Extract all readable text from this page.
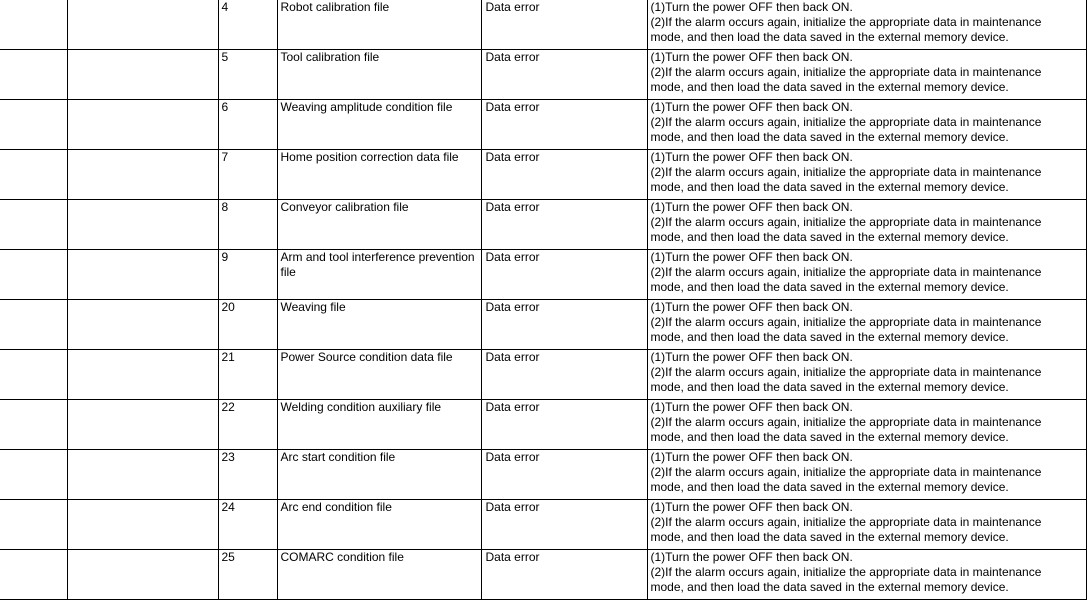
		4	Robot calibration file	Data error	(1)Turn the power OFF then back ON.
(2)If the alarm occurs again, initialize the appropriate data in maintenance
mode, and then load the data saved in the external memory device.

		5	Tool calibration file	Data error	(1)Turn the power OFF then back ON.
(2)If the alarm occurs again, initialize the appropriate data in maintenance
mode, and then load the data saved in the external memory device.

		6	Weaving amplitude condition file	Data error	(1)Turn the power OFF then back ON.
(2)If the alarm occurs again, initialize the appropriate data in maintenance
mode, and then load the data saved in the external memory device.

		7	Home position correction data file	Data error	(1)Turn the power OFF then back ON.
(2)If the alarm occurs again, initialize the appropriate data in maintenance
mode, and then load the data saved in the external memory device.

		8	Conveyor calibration file	Data error	(1)Turn the power OFF then back ON.
(2)If the alarm occurs again, initialize the appropriate data in maintenance
mode, and then load the data saved in the external memory device.

		9	Arm and tool interference prevention file	Data error	(1)Turn the power OFF then back ON.
(2)If the alarm occurs again, initialize the appropriate data in maintenance
mode, and then load the data saved in the external memory device.

		20	Weaving file	Data error	(1)Turn the power OFF then back ON.
(2)If the alarm occurs again, initialize the appropriate data in maintenance
mode, and then load the data saved in the external memory device.

		21	Power Source condition data file	Data error	(1)Turn the power OFF then back ON.
(2)If the alarm occurs again, initialize the appropriate data in maintenance
mode, and then load the data saved in the external memory device.

		22	Welding condition auxiliary file	Data error	(1)Turn the power OFF then back ON.
(2)If the alarm occurs again, initialize the appropriate data in maintenance
mode, and then load the data saved in the external memory device.

		23	Arc start condition file	Data error	(1)Turn the power OFF then back ON.
(2)If the alarm occurs again, initialize the appropriate data in maintenance
mode, and then load the data saved in the external memory device.

		24	Arc end condition file	Data error	(1)Turn the power OFF then back ON.
(2)If the alarm occurs again, initialize the appropriate data in maintenance
mode, and then load the data saved in the external memory device.

		25	COMARC condition file	Data error	(1)Turn the power OFF then back ON.
(2)If the alarm occurs again, initialize the appropriate data in maintenance
mode, and then load the data saved in the external memory device.
